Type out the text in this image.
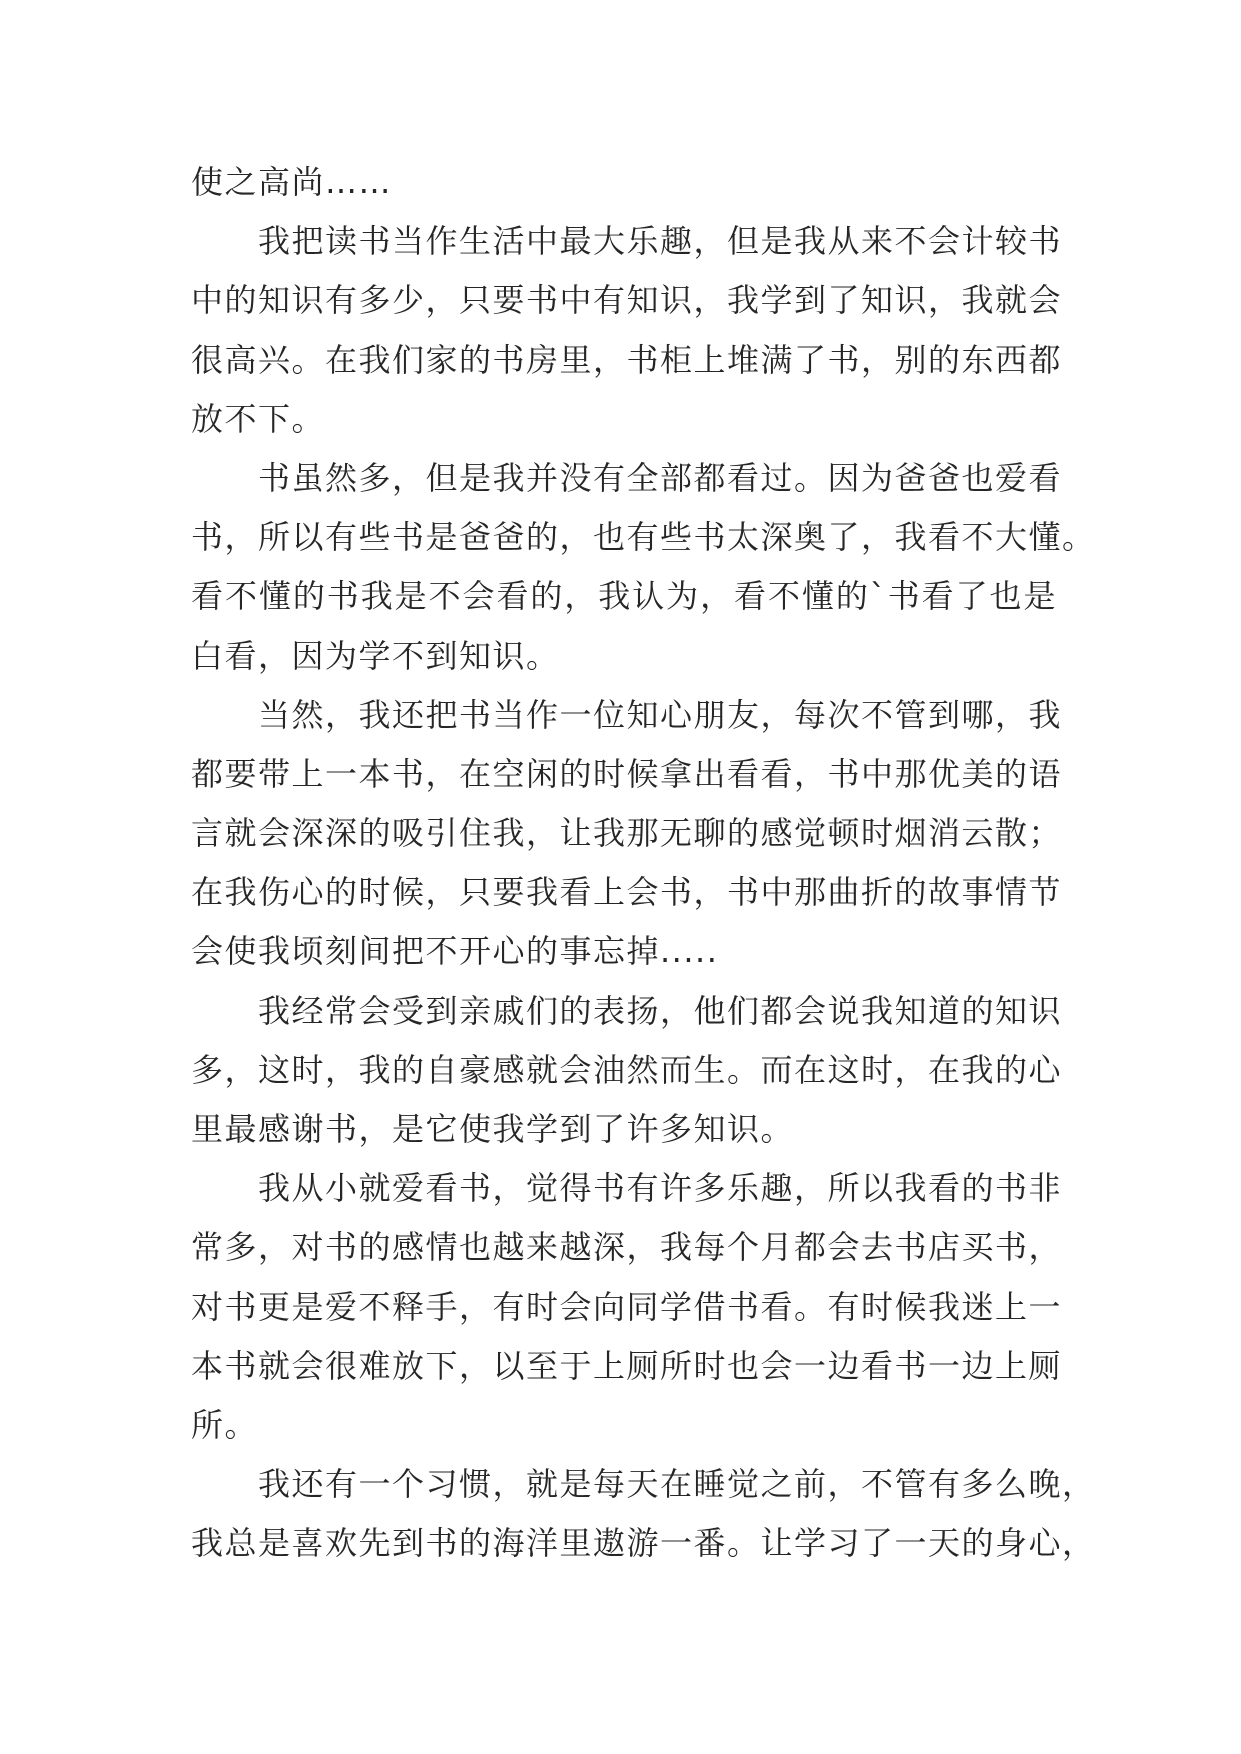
使之高尚……
我把读书当作生活中最大乐趣，但是我从来不会计较书
中的知识有多少，只要书中有知识，我学到了知识，我就会
很高兴。在我们家的书房里，书柜上堆满了书，别的东西都
放不下。
书虽然多，但是我并没有全部都看过。因为爸爸也爱看
书，所以有些书是爸爸的，也有些书太深奥了，我看不大懂。
看不懂的书我是不会看的，我认为，看不懂的`书看了也是
白看，因为学不到知识。
当然，我还把书当作一位知心朋友，每次不管到哪，我
都要带上一本书，在空闲的时候拿出看看，书中那优美的语
言就会深深的吸引住我，让我那无聊的感觉顿时烟消云散；
在我伤心的时候，只要我看上会书，书中那曲折的故事情节
会使我顷刻间把不开心的事忘掉.....
我经常会受到亲戚们的表扬，他们都会说我知道的知识
多，这时，我的自豪感就会油然而生。而在这时，在我的心
里最感谢书，是它使我学到了许多知识。
我从小就爱看书，觉得书有许多乐趣，所以我看的书非
常多，对书的感情也越来越深，我每个月都会去书店买书，
对书更是爱不释手，有时会向同学借书看。有时候我迷上一
本书就会很难放下，以至于上厕所时也会一边看书一边上厕
所。
我还有一个习惯，就是每天在睡觉之前，不管有多么晚，
我总是喜欢先到书的海洋里遨游一番。让学习了一天的身心，
